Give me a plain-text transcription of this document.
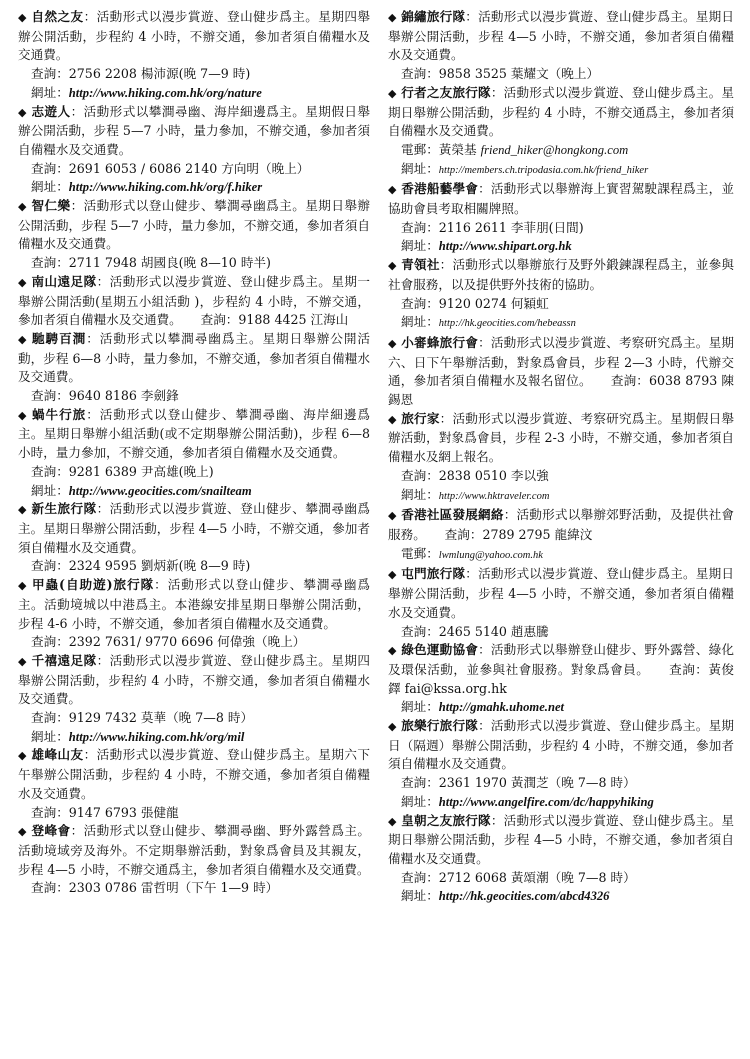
◆ 自然之友：活動形式以漫步賞遊、登山健步爲主。星期四舉辦公開活動，步程約 4 小時，不辦交通，參加者須自備糧水及交通費。

查詢：2756 2208 楊沛源(晚 7—9 時)
網址：http://www.hiking.com.hk/org/nature

◆ 志遊人：活動形式以攀澗尋幽、海岸細邊爲主。星期假日舉辦公開活動，步程 5—7 小時，量力參加，不辦交通，參加者須自備糧水及交通費。

查詢：2691 6053 / 6086 2140 方向明（晚上）
網址：http://www.hiking.com.hk/org/f.hiker

◆ 智仁樂：活動形式以登山健步、攀澗尋幽爲主。星期日舉辦公開活動，步程 5—7 小時，量力參加，不辦交通，參加者須自備糧水及交通費。

查詢：2711 7948 胡國良(晚 8—10 時半)

◆ 南山遠足隊：活動形式以漫步賞遊、登山健步爲主。星期一舉辦公開活動(星期五小組活動 )，步程約 4 小時，不辦交通，參加者須自備糧水及交通費。　　查詢：9188 4425 江海山

◆ 馳騁百澗：活動形式以攀澗尋幽爲主。星期日舉辦公開活動，步程 6—8 小時，量力參加，不辦交通，參加者須自備糧水及交通費。

查詢：9640 8186 李劍鋒

◆ 蝸牛行旅：活動形式以登山健步、攀澗尋幽、海岸細邊爲主。星期日舉辦小組活動(或不定期舉辦公開活動)，步程 6—8 小時，量力參加，不辦交通，參加者須自備糧水及交通費。

查詢：9281 6389 尹高雄(晚上)
網址：http://www.geocities.com/snailteam

◆ 新生旅行隊：活動形式以漫步賞遊、登山健步、攀澗尋幽爲主。星期日舉辦公開活動，步程 4—5 小時，不辦交通，參加者須自備糧水及交通費。

查詢：2324 9595 劉炳新(晚 8—9 時)

◆ 甲蟲(自助遊)旅行隊：活動形式以登山健步、攀澗尋幽爲主。活動境城以中港爲主。本港線安排星期日舉辦公開活動，步程 4-6 小時，不辦交通，參加者須自備糧水及交通費。

查詢：2392 7631/ 9770 6696 何偉強（晚上）

◆ 千禧遠足隊：活動形式以漫步賞遊、登山健步爲主。星期四舉辦公開活動，步程約 4 小時，不辦交通，參加者須自備糧水及交通費。

查詢：9129 7432 莫華（晚 7—8 時）
網址：http://www.hiking.com.hk/org/mil

◆ 雄峰山友：活動形式以漫步賞遊、登山健步爲主。星期六下午舉辦公開活動，步程約 4 小時，不辦交通，參加者須自備糧水及交通費。

查詢：9147 6793 張健龍

◆ 登峰會：活動形式以登山健步、攀澗尋幽、野外露營爲主。活動境域旁及海外。不定期舉辦活動，對象爲會員及其親友，步程 4—5 小時，不辦交通爲主，參加者須自備糧水及交通費。

查詢：2303 0786 雷哲明（下午 1—9 時）

◆ 錦繡旅行隊：活動形式以漫步賞遊、登山健步爲主。星期日舉辦公開活動，步程 4—5 小時，不辦交通，參加者須自備糧水及交通費。

查詢：9858 3525 葉耀文（晚上）

◆ 行者之友旅行隊：活動形式以漫步賞遊、登山健步爲主。星期日舉辦公開活動，步程約 4 小時，不辦交通爲主，參加者須自備糧水及交通費。

電郵：黃榮基 friend_hiker@hongkong.com
網址：http://members.ch.tripodasia.com.hk/friend_hiker

◆ 香港船藝學會：活動形式以舉辦海上實習駕駛課程爲主，並協助會員考取相關牌照。

查詢：2116 2611 李菲朋(日間)
網址：http://www.shipart.org.hk

◆ 青領社：活動形式以舉辦旅行及野外鍛鍊課程爲主，並參與社會服務，以及提供野外技術的協助。

查詢：9120 0274 何穎虹
網址：http://hk.geocities.com/hebeassn

◆ 小審蜂旅行會：活動形式以漫步賞遊、考察研究爲主。星期六、日下午舉辦活動，對象爲會員，步程 2—3 小時，代辦交通，參加者須自備糧水及報名留位。　　查詢：6038 8793 陳錫恩

◆ 旅行家：活動形式以漫步賞遊、考察研究爲主。星期假日舉辦活動，對象爲會員，步程 2-3 小時，不辦交通，參加者須自備糧水及網上報名。

查詢：2838 0510 李以強
網址：http://www.hktraveler.com

◆ 香港社區發展網絡：活動形式以舉辦郊野活動，及提供社會服務。　　查詢：2789 2795 龍緯汶

電郵：lwmlung@yahoo.com.hk

◆ 屯門旅行隊：活動形式以漫步賞遊、登山健步爲主。星期日舉辦公開活動，步程 4—5 小時，不辦交通，參加者須自備糧水及交通費。

查詢：2465 5140 趙惠騰

◆ 綠色運動協會：活動形式以舉辦登山健步、野外露營、綠化及環保活動，並參與社會服務。對象爲會員。　　查詢：黃俊鐸 fai@kssa.org.hk

網址：http://gmahk.uhome.net

◆ 旅樂行旅行隊：活動形式以漫步賞遊、登山健步爲主。星期日（隔週）舉辦公開活動，步程約 4 小時，不辦交通，參加者須自備糧水及交通費。

查詢：2361 1970 黃潤芝（晚 7—8 時）
網址：http://www.angelfire.com/dc/happyhiking

◆ 皇朝之友旅行隊：活動形式以漫步賞遊、登山健步爲主。星期日舉辦公開活動，步程 4—5 小時，不辦交通，參加者須自備糧水及交通費。

查詢：2712 6068 黃頌潮（晚 7—8 時）
網址：http://hk.geocities.com/abcd4326
